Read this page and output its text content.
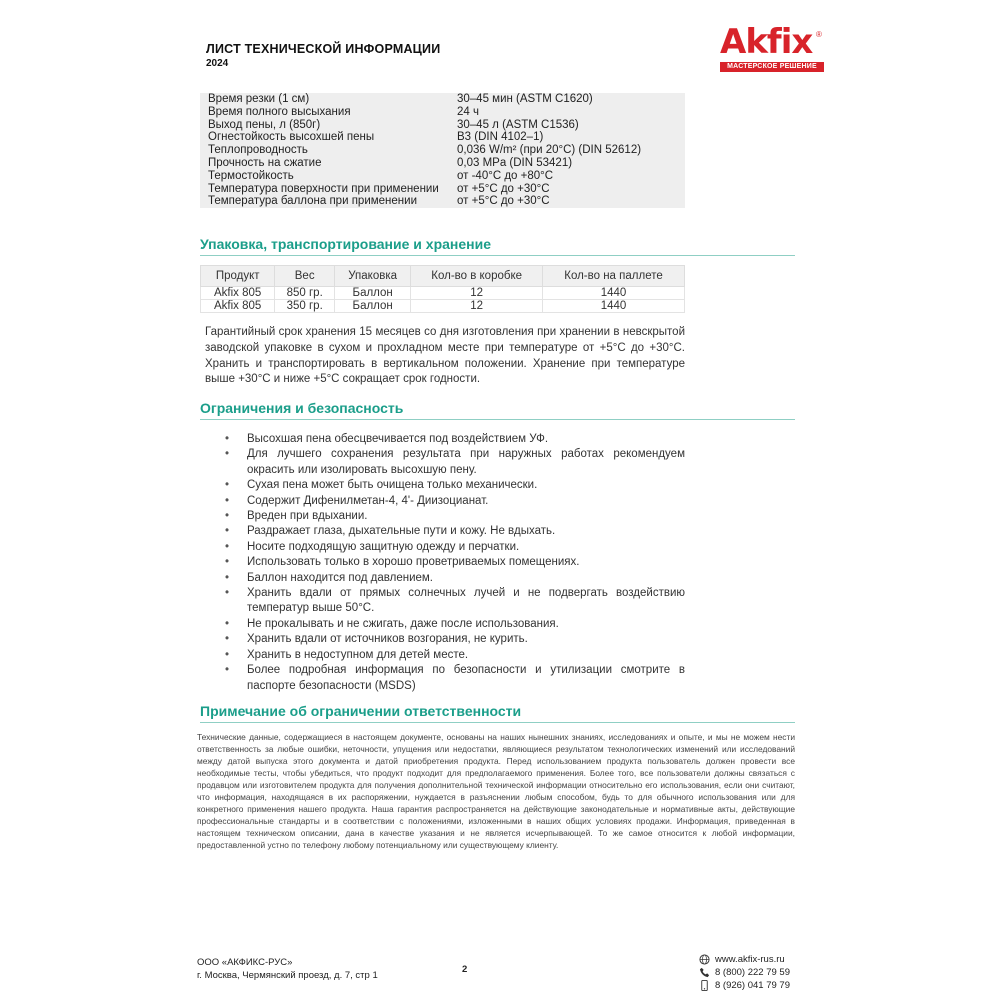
ЛИСТ ТЕХНИЧЕСКОЙ ИНФОРМАЦИИ
2024
Akfix ®
МАСТЕРСКОЕ РЕШЕНИЕ
Время резки (1 см)	30–45 мин (ASTM C1620)
Время полного высыхания	24 ч
Выход пены, л (850г)	30–45 л (ASTM C1536)
Огнестойкость высохшей пены	B3 (DIN 4102–1)
Теплопроводность	0,036 W/m² (при 20°C) (DIN 52612)
Прочность на сжатие	0,03 MPa (DIN 53421)
Термостойкость	от -40°C до +80°C
Температура поверхности при применении	от +5°C до +30°C
Температура баллона при применении	от +5°C до +30°C
Упаковка, транспортирование и хранение
Продукт	Вес	Упаковка	Кол-во в коробке	Кол-во на паллете
Akfix 805	850 гр.	Баллон	12	1440
Akfix 805	350 гр.	Баллон	12	1440
Гарантийный срок хранения 15 месяцев со дня изготовления при хранении в невскрытой заводской упаковке в сухом и прохладном месте при температуре от +5°C до +30°C. Хранить и транспортировать в вертикальном положении. Хранение при температуре выше +30°C и ниже +5°C сокращает срок годности.
Ограничения и безопасность
• Высохшая пена обесцвечивается под воздействием УФ.
• Для лучшего сохранения результата при наружных работах рекомендуем окрасить или изолировать высохшую пену.
• Сухая пена может быть очищена только механически.
• Содержит Дифенилметан-4, 4'- Диизоцианат.
• Вреден при вдыхании.
• Раздражает глаза, дыхательные пути и кожу. Не вдыхать.
• Носите подходящую защитную одежду и перчатки.
• Использовать только в хорошо проветриваемых помещениях.
• Баллон находится под давлением.
• Хранить вдали от прямых солнечных лучей и не подвергать воздействию температур выше 50°C.
• Не прокалывать и не сжигать, даже после использования.
• Хранить вдали от источников возгорания, не курить.
• Хранить в недоступном для детей месте.
• Более подробная информация по безопасности и утилизации смотрите в паспорте безопасности (MSDS)
Примечание об ограничении ответственности
Технические данные, содержащиеся в настоящем документе, основаны на наших нынешних знаниях, исследованиях и опыте, и мы не можем нести ответственность за любые ошибки, неточности, упущения или недостатки, являющиеся результатом технологических изменений или исследований между датой выпуска этого документа и датой приобретения продукта. Перед использованием продукта пользователь должен провести все необходимые тесты, чтобы убедиться, что продукт подходит для предполагаемого применения. Более того, все пользователи должны связаться с продавцом или изготовителем продукта для получения дополнительной технической информации относительно его использования, если они считают, что информация, находящаяся в их распоряжении, нуждается в разъяснении любым способом, будь то для обычного использования или для конкретного применения нашего продукта. Наша гарантия распространяется на действующие законодательные и нормативные акты, действующие профессиональные стандарты и в соответствии с положениями, изложенными в наших общих условиях продажи. Информация, приведенная в настоящем техническом описании, дана в качестве указания и не является исчерпывающей. То же самое относится к любой информации, предоставленной устно по телефону любому потенциальному или существующему клиенту.
ООО «АКФИКС-РУС»
г. Москва, Чермянский проезд, д. 7, стр 1
2
www.akfix-rus.ru
8 (800) 222 79 59
8 (926) 041 79 79
